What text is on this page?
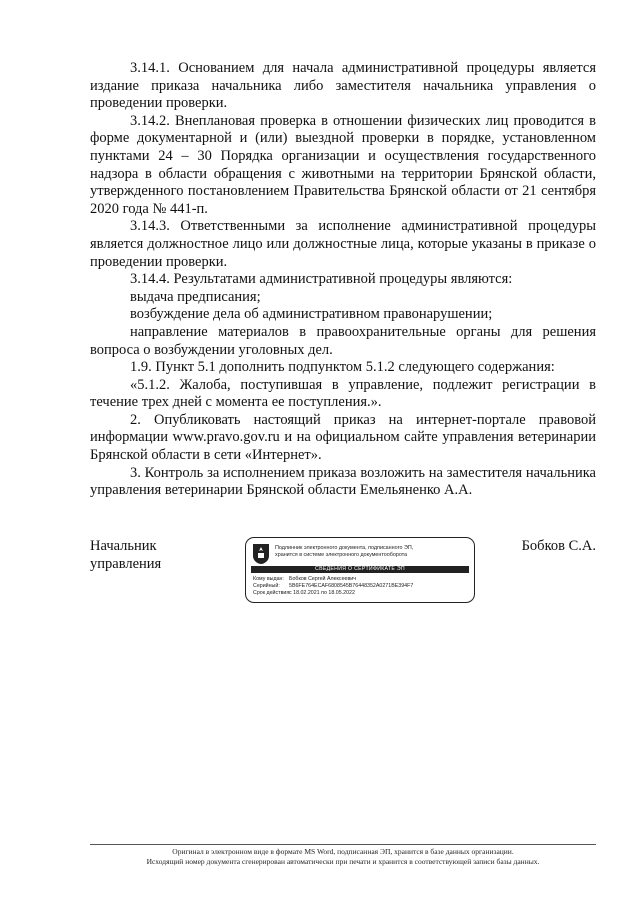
3.14.1. Основанием для начала административной процедуры является издание приказа начальника либо заместителя начальника управления о проведении проверки.

3.14.2. Внеплановая проверка в отношении физических лиц проводится в форме документарной и (или) выездной проверки в порядке, установленном пунктами 24 – 30 Порядка организации и осуществления государственного надзора в области обращения с животными на территории Брянской области, утвержденного постановлением Правительства Брянской области от 21 сентября 2020 года № 441-п.

3.14.3. Ответственными за исполнение административной процедуры является должностное лицо или должностные лица, которые указаны в приказе о проведении проверки.

3.14.4. Результатами административной процедуры являются:

выдача предписания;

возбуждение дела об административном правонарушении;

направление материалов в правоохранительные органы для решения вопроса о возбуждении уголовных дел.

1.9. Пункт 5.1 дополнить подпунктом 5.1.2 следующего содержания:

«5.1.2. Жалоба, поступившая в управление, подлежит регистрации в течение трех дней с момента ее поступления.».

2. Опубликовать настоящий приказ на интернет-портале правовой информации www.pravo.gov.ru и на официальном сайте управления ветеринарии Брянской области в сети «Интернет».

3. Контроль за исполнением приказа возложить на заместителя начальника управления ветеринарии Брянской области Емельяненко А.А.

Начальник
управления
Подлинник электронного документа, подписанного ЭП,
хранится в системе электронного документооборота
СВЕДЕНИЯ О СЕРТИФИКАТЕ ЭП
Кому выдан: Бобков Сергей Алексеевич
Серийный:	5B6FE764ECAF6808545B76448352A0271BE394F7
Срок действия:
с 18.02.2021 по 18.05.2022
Бобков С.А.
Оригинал в электронном виде в формате MS Word, подписанная ЭП, хранится в базе данных организации.
Исходящий номер документа сгенерирован автоматически при печати и хранится в соответствующей записи базы данных.
